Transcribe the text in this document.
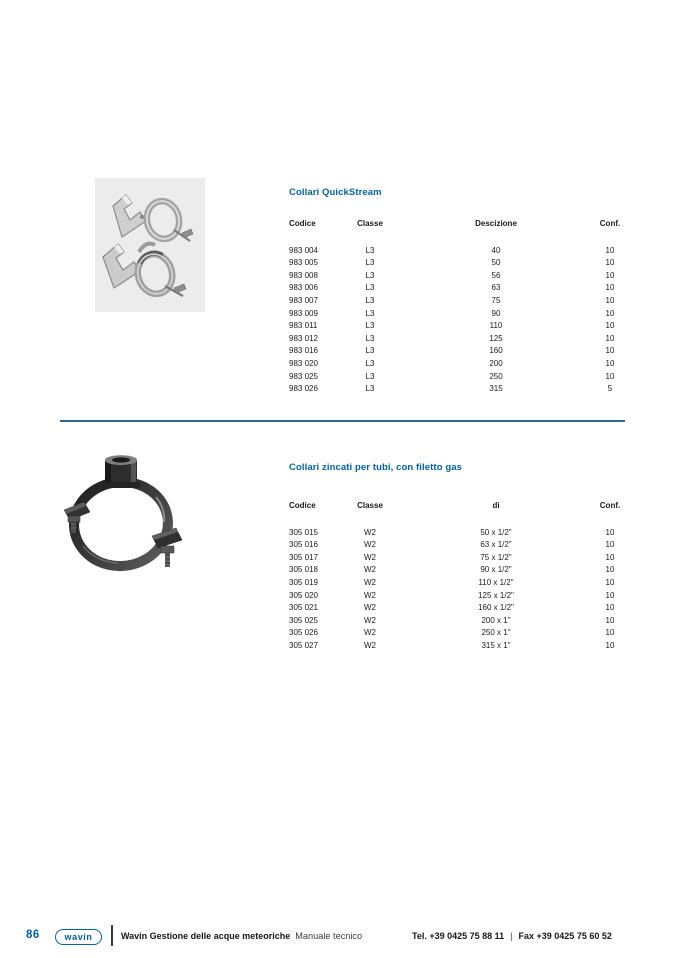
Collari QuickStream
Codice	Classe	Descizione	Conf.
983 004	L3	40	10
983 005	L3	50	10
983 008	L3	56	10
983 006	L3	63	10
983 007	L3	75	10
983 009	L3	90	10
983 011	L3	110	10
983 012	L3	125	10
983 016	L3	160	10
983 020	L3	200	10
983 025	L3	250	10
983 026	L3	315	5
Collari zincati per tubi, con filetto gas
Codice	Classe	di	Conf.
305 015	W2	50 x 1/2"	10
305 016	W2	63 x 1/2"	10
305 017	W2	75 x 1/2"	10
305 018	W2	90 x 1/2"	10
305 019	W2	110 x 1/2"	10
305 020	W2	125 x 1/2"	10
305 021	W2	160 x 1/2"	10
305 025	W2	200 x 1"	10
305 026	W2	250 x 1"	10
305 027	W2	315 x 1"	10
86	wavin	Wavin Gestione delle acque meteoriche Manuale tecnico	Tel. +39 0425 75 88 11 | Fax +39 0425 75 60 52
